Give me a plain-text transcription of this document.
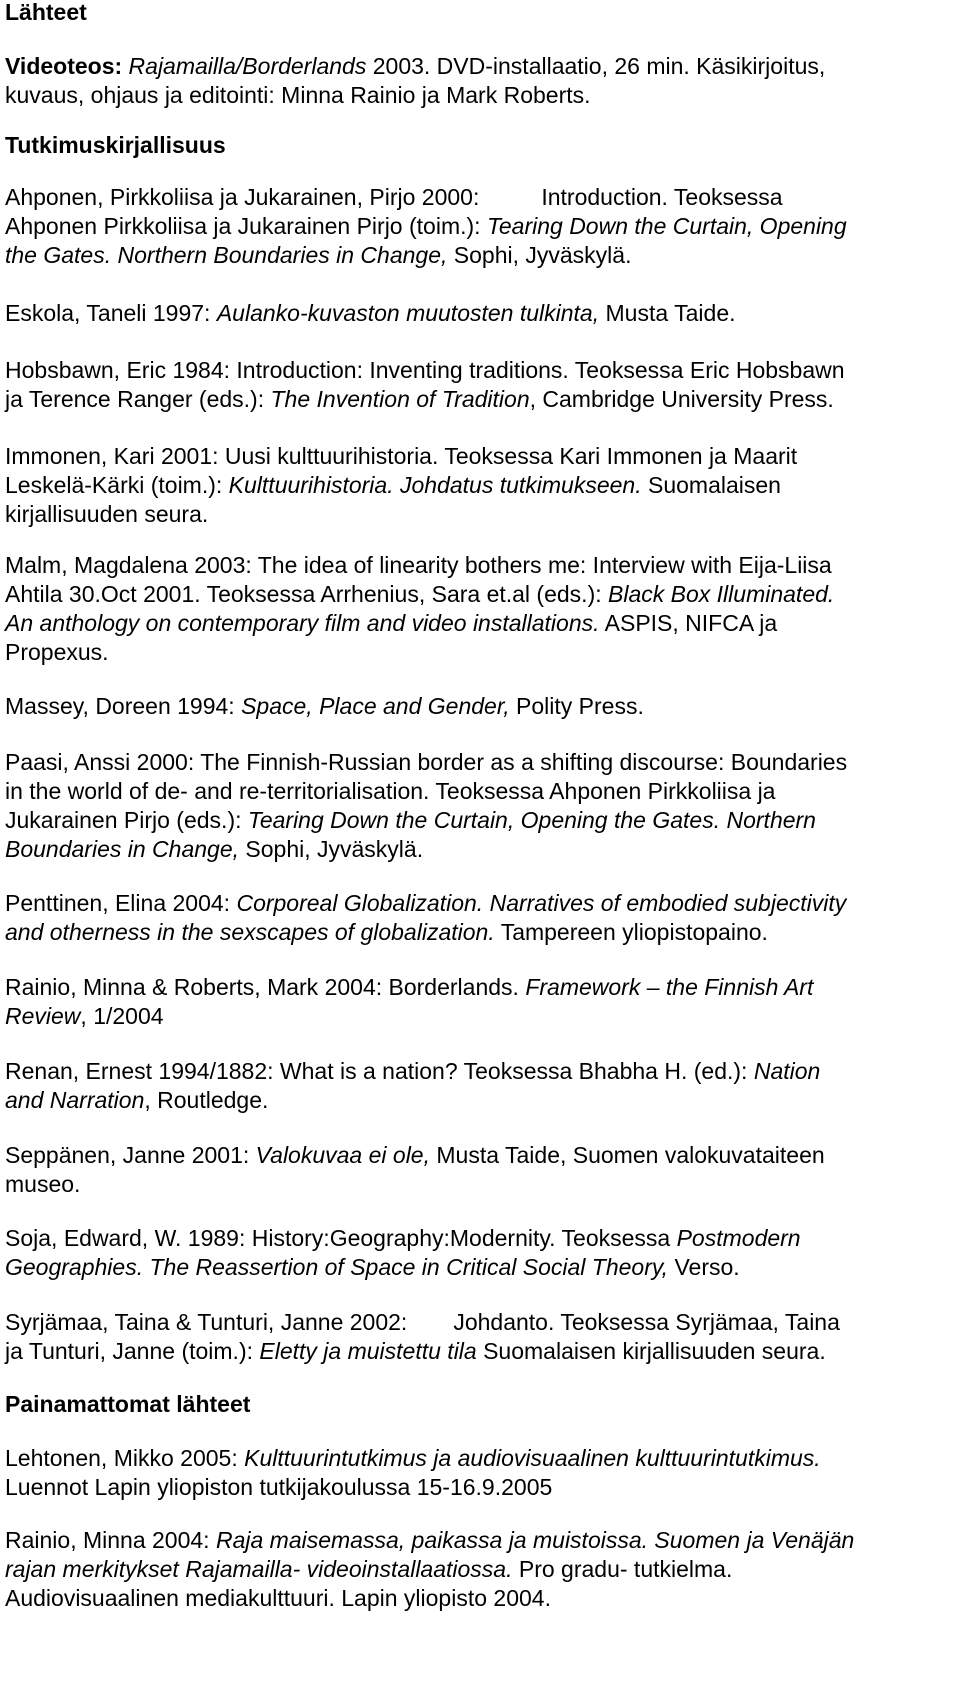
Lähteet
Videoteos: Rajamailla/Borderlands 2003. DVD-installaatio, 26 min. Käsikirjoitus,
kuvaus, ohjaus ja editointi: Minna Rainio ja Mark Roberts.
Tutkimuskirjallisuus
Ahponen, Pirkkoliisa ja Jukarainen, Pirjo 2000:	Introduction. Teoksessa
Ahponen Pirkkoliisa ja Jukarainen Pirjo (toim.): Tearing Down the Curtain, Opening
the Gates. Northern Boundaries in Change, Sophi, Jyväskylä.
Eskola, Taneli 1997: Aulanko-kuvaston muutosten tulkinta, Musta Taide.
Hobsbawn, Eric 1984: Introduction: Inventing traditions. Teoksessa Eric Hobsbawn
ja Terence Ranger (eds.): The Invention of Tradition, Cambridge University Press.
Immonen, Kari 2001: Uusi kulttuurihistoria. Teoksessa Kari Immonen ja Maarit
Leskelä-Kärki (toim.): Kulttuurihistoria. Johdatus tutkimukseen. Suomalaisen
kirjallisuuden seura.
Malm, Magdalena 2003: The idea of linearity bothers me: Interview with Eija-Liisa
Ahtila 30.Oct 2001. Teoksessa Arrhenius, Sara et.al (eds.): Black Box Illuminated.
An anthology on contemporary film and video installations. ASPIS, NIFCA ja
Propexus.
Massey, Doreen 1994: Space, Place and Gender, Polity Press.
Paasi, Anssi 2000: The Finnish-Russian border as a shifting discourse: Boundaries
in the world of de- and re-territorialisation. Teoksessa Ahponen Pirkkoliisa ja
Jukarainen Pirjo (eds.): Tearing Down the Curtain, Opening the Gates. Northern
Boundaries in Change, Sophi, Jyväskylä.
Penttinen, Elina 2004: Corporeal Globalization. Narratives of embodied subjectivity
and otherness in the sexscapes of globalization. Tampereen yliopistopaino.
Rainio, Minna & Roberts, Mark 2004: Borderlands. Framework – the Finnish Art
Review, 1/2004
Renan, Ernest 1994/1882: What is a nation? Teoksessa Bhabha H. (ed.): Nation
and Narration, Routledge.
Seppänen, Janne 2001: Valokuvaa ei ole, Musta Taide, Suomen valokuvataiteen
museo.
Soja, Edward, W. 1989: History:Geography:Modernity. Teoksessa Postmodern
Geographies. The Reassertion of Space in Critical Social Theory, Verso.
Syrjämaa, Taina & Tunturi, Janne 2002: Johdanto. Teoksessa Syrjämaa, Taina
ja Tunturi, Janne (toim.): Eletty ja muistettu tila Suomalaisen kirjallisuuden seura.
Painamattomat lähteet
Lehtonen, Mikko 2005: Kulttuurintutkimus ja audiovisuaalinen kulttuurintutkimus.
Luennot Lapin yliopiston tutkijakoulussa 15-16.9.2005
Rainio, Minna 2004: Raja maisemassa, paikassa ja muistoissa. Suomen ja Venäjän
rajan merkitykset Rajamailla- videoinstallaatiossa. Pro gradu- tutkielma.
Audiovisuaalinen mediakulttuuri. Lapin yliopisto 2004.
